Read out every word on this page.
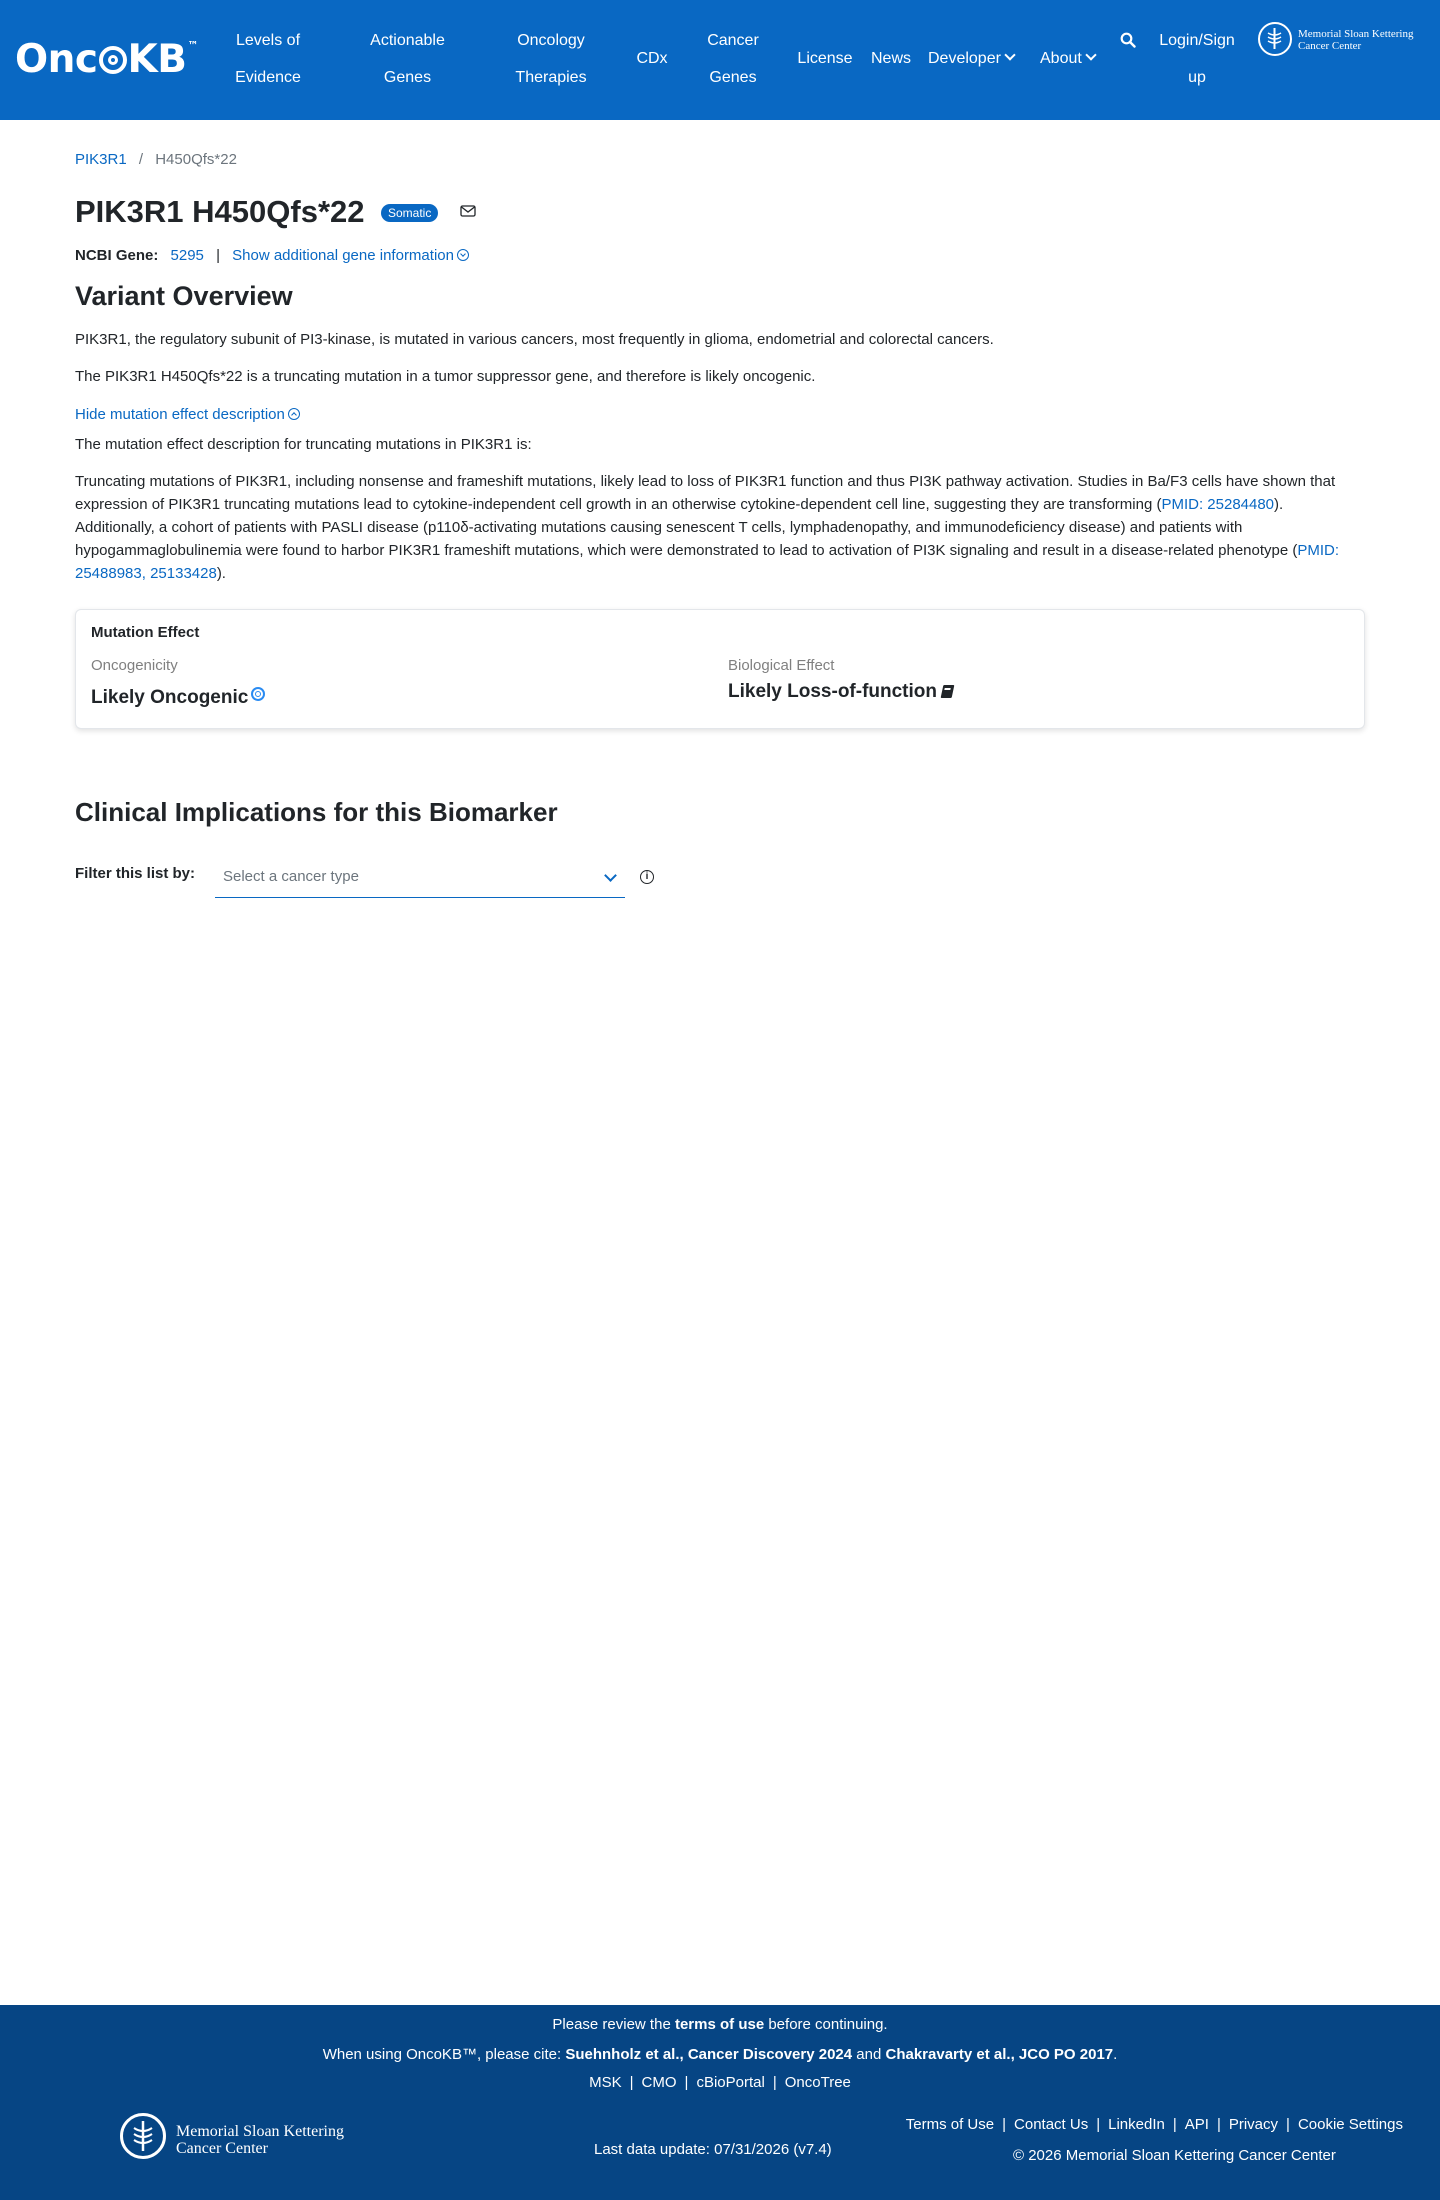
Onc KB™	Levels of
Evidence
Actionable
Genes
Oncology
Therapies
CDx
Cancer
Genes
License News Developer	About
Login/Sign
up
Memorial Sloan Kettering
Cancer Center
PIK3R1 / H450Qfs*22
PIK3R1 H450Qfs*22	Somatic
NCBI Gene: 5295 | Show additional gene information
Variant Overview
PIK3R1, the regulatory subunit of PI3-kinase, is mutated in various cancers, most frequently in glioma, endometrial and colorectal cancers.
The PIK3R1 H450Qfs*22 is a truncating mutation in a tumor suppressor gene, and therefore is likely oncogenic.
Hide mutation effect description
The mutation effect description for truncating mutations in PIK3R1 is:
Truncating mutations of PIK3R1, including nonsense and frameshift mutations, likely lead to loss of PIK3R1 function and thus PI3K pathway activation. Studies in Ba/F3 cells have shown that expression of PIK3R1 truncating mutations lead to cytokine-independent cell growth in an otherwise cytokine-dependent cell line, suggesting they are transforming (PMID: 25284480). Additionally, a cohort of patients with PASLI disease (p110δ-activating mutations causing senescent T cells, lymphadenopathy, and immunodeficiency disease) and patients with hypogammaglobulinemia were found to harbor PIK3R1 frameshift mutations, which were demonstrated to lead to activation of PI3K signaling and result in a disease-related phenotype (PMID: 25488983, 25133428).
Mutation Effect
Oncogenicity
Likely Oncogenic
Biological Effect
Likely Loss-of-function
Clinical Implications for this Biomarker
Filter this list by: Select a cancer type	i
Please review the terms of use before continuing.
When using OncoKB™, please cite: Suehnholz et al., Cancer Discovery 2024 and Chakravarty et al., JCO PO 2017.
MSK | CMO | cBioPortal | OncoTree
Memorial Sloan Kettering
Cancer Center	Last data update: 07/31/2026 (v7.4)
Terms of Use | Contact Us | LinkedIn | API | Privacy | Cookie Settings
© 2026 Memorial Sloan Kettering Cancer Center
